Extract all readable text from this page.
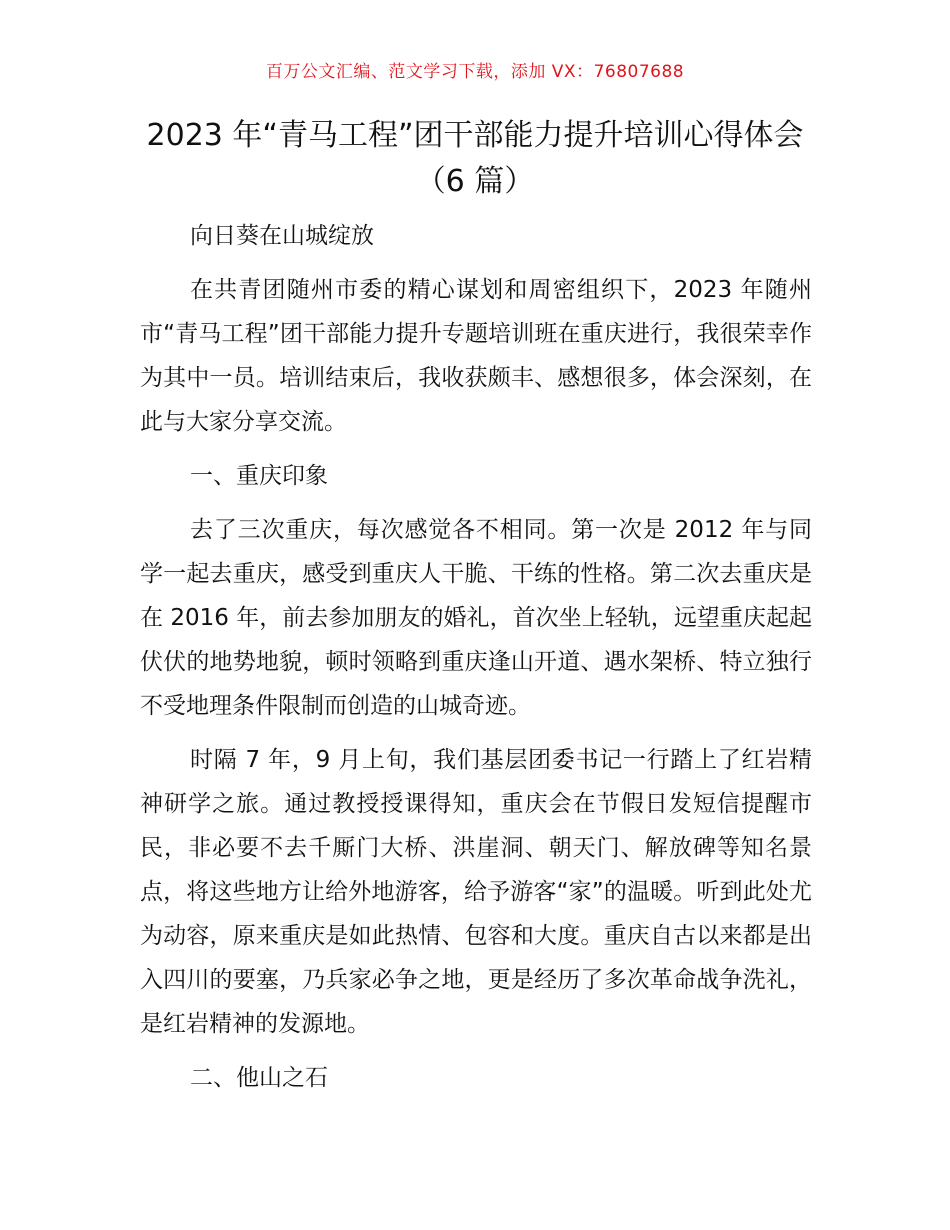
百万公文汇编、范文学习下载，添加 VX：76807688
2023 年“青马工程”团干部能力提升培训心得体会（6 篇）

向日葵在山城绽放

在共青团随州市委的精心谋划和周密组织下，2023 年随州市“青马工程”团干部能力提升专题培训班在重庆进行，我很荣幸作为其中一员。培训结束后，我收获颇丰、感想很多，体会深刻，在此与大家分享交流。

一、重庆印象

去了三次重庆，每次感觉各不相同。第一次是 2012 年与同学一起去重庆，感受到重庆人干脆、干练的性格。第二次去重庆是在 2016 年，前去参加朋友的婚礼，首次坐上轻轨，远望重庆起起伏伏的地势地貌，顿时领略到重庆逢山开道、遇水架桥、特立独行不受地理条件限制而创造的山城奇迹。

时隔 7 年，9 月上旬，我们基层团委书记一行踏上了红岩精神研学之旅。通过教授授课得知，重庆会在节假日发短信提醒市民，非必要不去千厮门大桥、洪崖洞、朝天门、解放碑等知名景点，将这些地方让给外地游客，给予游客“家”的温暖。听到此处尤为动容，原来重庆是如此热情、包容和大度。重庆自古以来都是出入四川的要塞，乃兵家必争之地，更是经历了多次革命战争洗礼，是红岩精神的发源地。

二、他山之石
